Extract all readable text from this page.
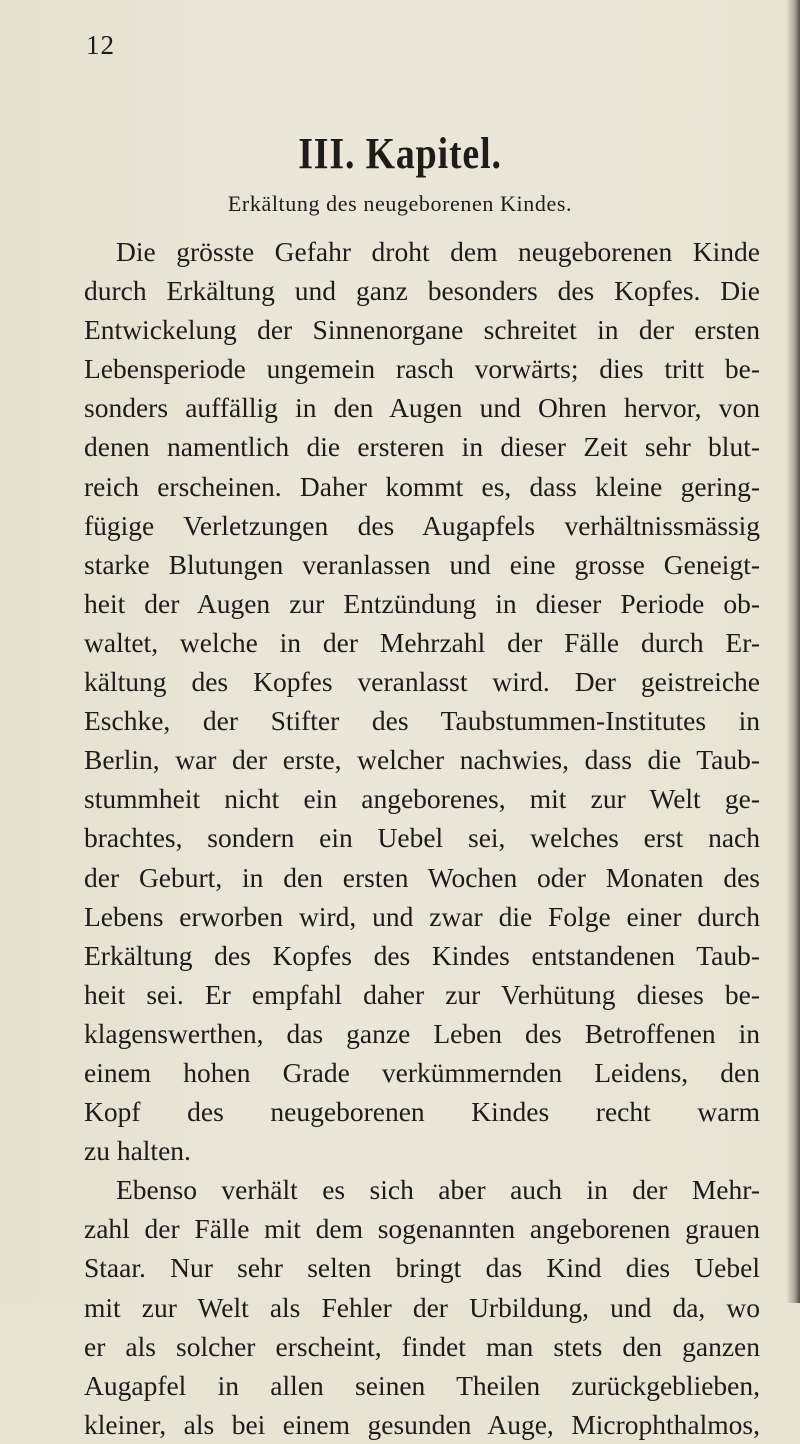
12
III. Kapitel.
Erkältung des neugeborenen Kindes.
Die grösste Gefahr droht dem neugeborenen Kinde
durch Erkältung und ganz besonders des Kopfes. Die
Entwickelung der Sinnenorgane schreitet in der ersten
Lebensperiode ungemein rasch vorwärts; dies tritt be-
sonders auffällig in den Augen und Ohren hervor, von
denen namentlich die ersteren in dieser Zeit sehr blut-
reich erscheinen. Daher kommt es, dass kleine gering-
fügige Verletzungen des Augapfels verhältnissmässig
starke Blutungen veranlassen und eine grosse Geneigt-
heit der Augen zur Entzündung in dieser Periode ob-
waltet, welche in der Mehrzahl der Fälle durch Er-
kältung des Kopfes veranlasst wird. Der geistreiche
Eschke, der Stifter des Taubstummen-Institutes in
Berlin, war der erste, welcher nachwies, dass die Taub-
stummheit nicht ein angeborenes, mit zur Welt ge-
brachtes, sondern ein Uebel sei, welches erst nach
der Geburt, in den ersten Wochen oder Monaten des
Lebens erworben wird, und zwar die Folge einer durch
Erkältung des Kopfes des Kindes entstandenen Taub-
heit sei. Er empfahl daher zur Verhütung dieses be-
klagenswerthen, das ganze Leben des Betroffenen in
einem hohen Grade verkümmernden Leidens, den
Kopf des neugeborenen Kindes recht warm
zu halten.
Ebenso verhält es sich aber auch in der Mehr-
zahl der Fälle mit dem sogenannten angeborenen grauen
Staar. Nur sehr selten bringt das Kind dies Uebel
mit zur Welt als Fehler der Urbildung, und da, wo
er als solcher erscheint, findet man stets den ganzen
Augapfel in allen seinen Theilen zurückgeblieben,
kleiner, als bei einem gesunden Auge, Microphthalmos,
